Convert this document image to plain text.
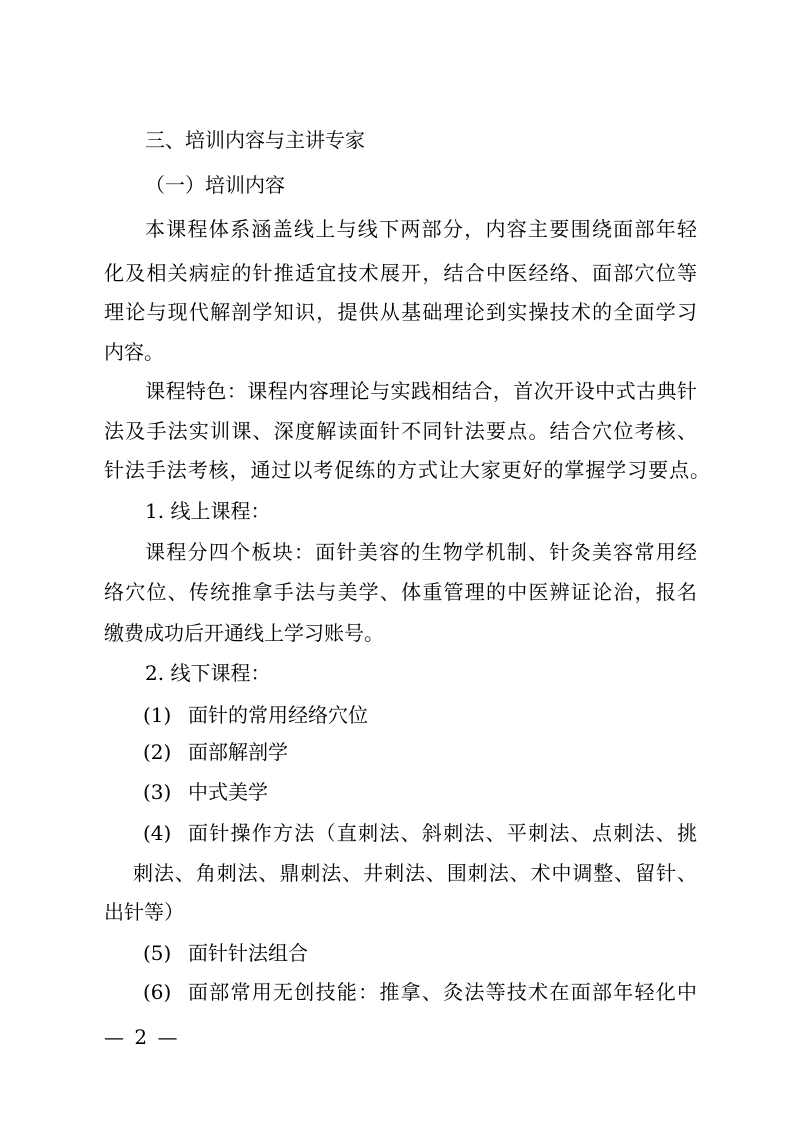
三、培训内容与主讲专家
（一）培训内容
本课程体系涵盖线上与线下两部分，内容主要围绕面部年轻
化及相关病症的针推适宜技术展开，结合中医经络、面部穴位等
理论与现代解剖学知识，提供从基础理论到实操技术的全面学习
内容。
课程特色：课程内容理论与实践相结合，首次开设中式古典针
法及手法实训课、深度解读面针不同针法要点。结合穴位考核、
针法手法考核，通过以考促练的方式让大家更好的掌握学习要点。
1. 线上课程：
课程分四个板块：面针美容的生物学机制、针灸美容常用经
络穴位、传统推拿手法与美学、体重管理的中医辨证论治，报名
缴费成功后开通线上学习账号。
2. 线下课程：
(1) 面针的常用经络穴位
(2) 面部解剖学
(3) 中式美学
(4) 面针操作方法（直刺法、斜刺法、平刺法、点刺法、挑
刺法、角刺法、鼎刺法、井刺法、围刺法、术中调整、留针、
出针等）
(5) 面针针法组合
(6) 面部常用无创技能：推拿、灸法等技术在面部年轻化中
— 2 —
